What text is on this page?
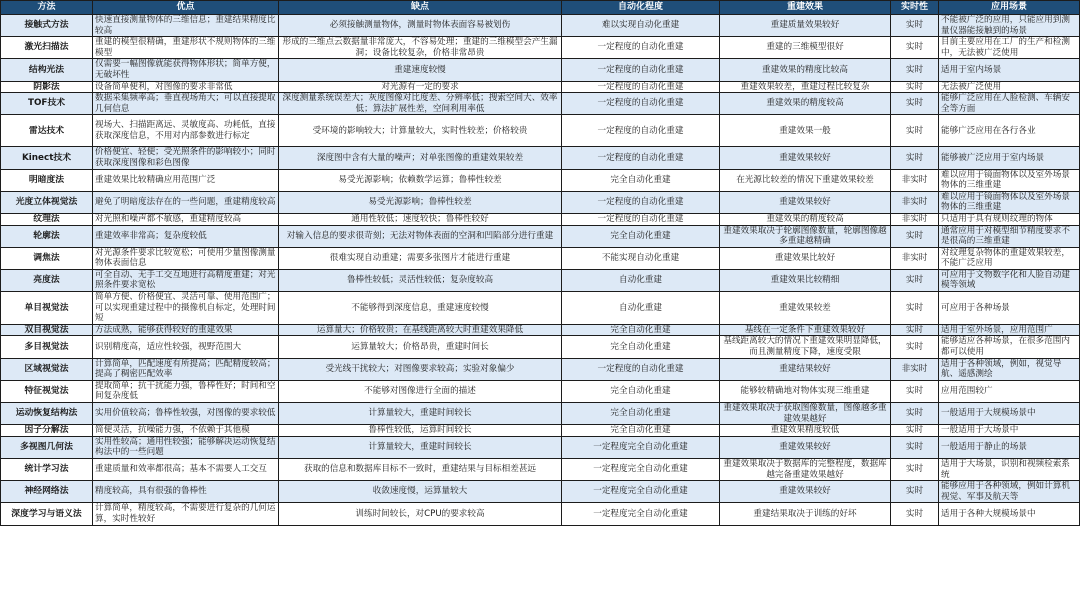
方法	优点	缺点	自动化程度	重建效果	实时性	应用场景
接触式方法	快速直接测量物体的三维信息；重建结果精度比较高	必须接触测量物体，测量时物体表面容易被划伤	难以实现自动化重建	重建质量效果较好	实时	不能被广泛的应用，只能应用到测量仪器能接触到的场景
激光扫描法	重建的模型很精确，重建形状不规则物体的三维模型	形成的三维点云数据量非常庞大，不容易处理；重建的三维模型会产生漏洞；设备比较复杂，价格非常昂贵	一定程度的自动化重建	重建的三维模型很好	实时	目前主要应用在工厂的生产和检测中，无法被广泛使用
结构光法	仅需要一幅图像就能获得物体形状；简单方便，无破坏性	重建速度较慢	一定程度的自动化重建	重建效果的精度比较高	实时	适用于室内场景
阴影法	设备简单便利，对图像的要求非常低	对光源有一定的要求	一定程度的自动化重建	重建效果较差，重建过程比较复杂	实时	无法被广泛使用
TOF技术	数据采集频率高；垂直视场角大；可以直接提取几何信息	深度测量系统误差大；灰度图像对比度差、分辨率低；搜索空间大、效率低；算法扩展性差，空间利用率低	一定程度的自动化重建	重建效果的精度较高	实时	能够广泛应用在人脸检测、车辆安全等方面
雷达技术	视场大、扫描距离远、灵敏度高、功耗低，直接获取深度信息，不用对内部参数进行标定	受环境的影响较大；计算量较大，实时性较差；价格较贵	一定程度的自动化重建	重建效果一般	实时	能够广泛应用在各行各业
Kinect技术	价格便宜、轻便；受光照条件的影响较小；同时获取深度图像和彩色图像	深度图中含有大量的噪声；对单张图像的重建效果较差	一定程度的自动化重建	重建效果较好	实时	能够被广泛应用于室内场景
明暗度法	重建效果比较精确应用范围广泛	易受光源影响；依赖数学运算；鲁棒性较差	完全自动化重建	在光源比较差的情况下重建效果较差	非实时	难以应用于镜面物体以及室外场景物体的三维重建
光度立体视觉法	避免了明暗度法存在的一些问题，重建精度较高	易受光源影响；鲁棒性较差	一定程度的自动化重建	重建效果较好	非实时	难以应用于镜面物体以及室外场景物体的三维重建
纹理法	对光照和噪声都不敏感，重建精度较高	通用性较低；速度较快；鲁棒性较好	一定程度的自动化重建	重建效果的精度较高	非实时	只适用于具有规则纹理的物体
轮廓法	重建效率非常高；复杂度较低	对输入信息的要求很苛刻；无法对物体表面的空洞和凹陷部分进行重建	完全自动化重建	重建效果取决于轮廓图像数量，轮廓图像越多重建越精确	实时	通常应用于对模型细节精度要求不是很高的三维重建
调焦法	对光源条件要求比较宽松；可使用少量图像测量物体表面信息	很难实现自动重建；需要多张图片才能进行重建	不能实现自动化重建	重建效果比较好	非实时	对纹理复杂物体的重建效果较差，不能广泛应用
亮度法	可全自动、无手工交互地进行高精度重建；对光照条件要求宽松	鲁棒性较低；灵活性较低；复杂度较高	自动化重建	重建效果比较精细	实时	可应用于文物数字化和人脸自动建模等领域
单目视觉法	简单方便、价格便宜、灵活可靠、使用范围广；可以实现重建过程中的摄像机自标定，处理时间短	不能够得到深度信息，重建速度较慢	自动化重建	重建效果较差	实时	可应用于各种场景
双目视觉法	方法成熟，能够获得较好的重建效果	运算量大；价格较贵；在基线距离较大时重建效果降低	完全自动化重建	基线在一定条件下重建效果较好	实时	适用于室外场景，应用范围广
多目视觉法	识别精度高，适应性较强，视野范围大	运算量较大；价格昂贵，重建时间长	完全自动化重建	基线距离较大的情况下重建效果明显降低，而且测量精度下降，速度受限	实时	能够适应各种场景，在很多范围内都可以使用
区域视觉法	计算简单，匹配速度有所提高；匹配精度较高；提高了稠密匹配效率	受光线干扰较大；对图像要求较高；实验对象偏少	一定程度的自动化重建	重建结果较好	非实时	适用于各种领域，例如，视觉导航、遥感测绘
特征视觉法	提取简单；抗干扰能力强，鲁棒性好；时间和空间复杂度低	不能够对图像进行全面的描述	完全自动化重建	能够较精确地对物体实现三维重建	实时	应用范围较广
运动恢复结构法	实用价值较高；鲁棒性较强，对图像的要求较低	计算量较大，重建时间较长	完全自动化重建	重建效果取决于获取图像数量，图像越多重建效果越好	实时	一般适用于大规模场景中
因子分解法	简便灵活，抗噪能力强，不依赖于其他模	鲁棒性较低，运算时间较长	完全自动化重建	重建效果精度较低	实时	一般适用于大场景中
多视图几何法	实用性较高；通用性较强；能够解决运动恢复结构法中的一些问题	计算量较大，重建时间较长	一定程度完全自动化重建	重建效果较好	实时	一般适用于静止的场景
统计学习法	重建质量和效率都很高；基本不需要人工交互	获取的信息和数据库目标不一致时，重建结果与目标相差甚远	一定程度完全自动化重建	重建效果取决于数据库的完整程度，数据库越完备重建效果越好	实时	适用于大场景，识别和视频检索系统
神经网络法	精度较高，具有很强的鲁棒性	收敛速度慢，运算量较大	一定程度完全自动化重建	重建效果较好	实时	能够应用于各种领域，例如计算机视觉、军事及航天等
深度学习与语义法	计算简单，精度较高，不需要进行复杂的几何运算，实时性较好	训练时间较长，对CPU的要求较高	一定程度完全自动化重建	重建结果取决于训练的好坏	实时	适用于各种大规模场景中
